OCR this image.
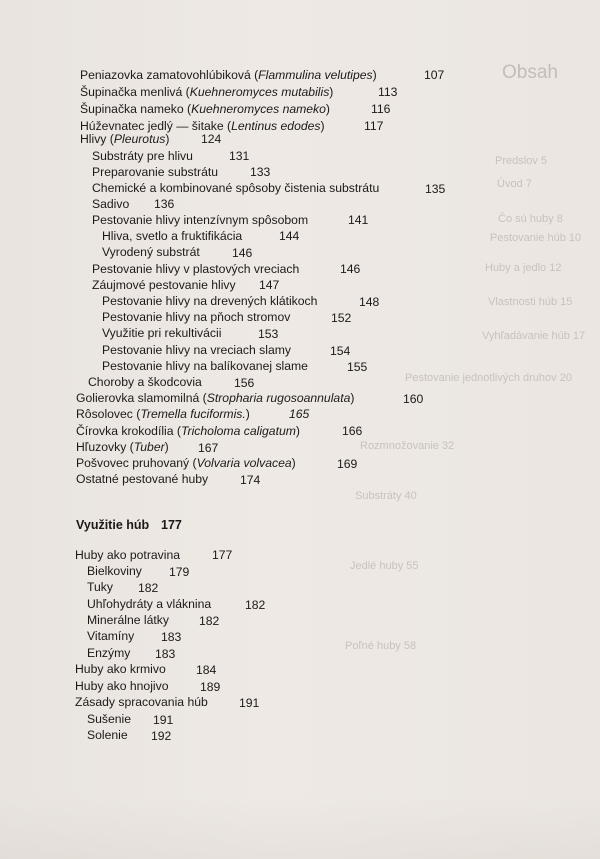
Obsah
Predslov 5
Úvod 7
Čo sú huby 8
Pestovanie húb 10
Huby a jedlo 12
Vlastnosti húb 15
Vyhľadávanie húb 17
Pestovanie jednotlivých druhov 20
Rozmnožovanie 32
Substráty 40
Jedlé huby 55
Poľné huby 58
Peniazovka zamatovohlúbiková (Flammulina velutipes)	107
Šupinačka menlivá (Kuehneromyces mutabilis)	113
Šupinačka nameko (Kuehneromyces nameko)	116
Húževnatec jedlý — šitake (Lentinus edodes)	117
Hlivy (Pleurotus)	124
Substráty pre hlivu	131
Preparovanie substrátu	133
Chemické a kombinované spôsoby čistenia substrátu	135
Sadivo 136
Pestovanie hlivy intenzívnym spôsobom	141
Hliva, svetlo a fruktifikácia	144
Vyrodený substrát	146
Pestovanie hlivy v plastových vreciach	146
Záujmové pestovanie hlivy 147
Pestovanie hlivy na drevených klátikoch	148
Pestovanie hlivy na pňoch stromov	152
Využitie pri rekultivácii	153
Pestovanie hlivy na vreciach slamy	154
Pestovanie hlivy na balíkovanej slame	155
Choroby a škodcovia	156
Golierovka slamomilná (Stropharia rugosoannulata)	160
Rôsolovec (Tremella fuciformis.)	165
Čírovka krokodília (Tricholoma caligatum)	166
Hľuzovky (Tuber) 167
Pošvovec pruhovaný (Volvaria volvacea)	169
Ostatné pestované huby	174
Využitie húb 177
Huby ako potravina	177
Bielkoviny 179
Tuky 182
Uhľohydráty a vláknina	182
Minerálne látky 182
Vitamíny 183
Enzýmy 183
Huby ako krmivo 184
Huby ako hnojivo	189
Zásady spracovania húb	191
Sušenie 191
Solenie 192
